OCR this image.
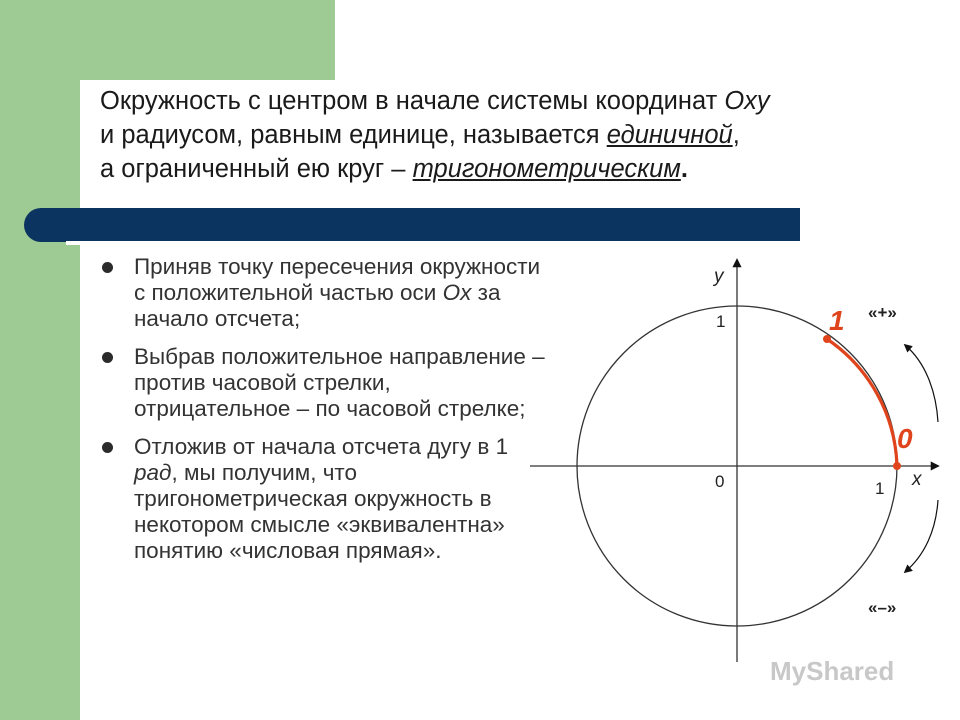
Окружность с центром в начале системы координат Oxy
и радиусом, равным единице, называется единичной,
а ограниченный ею круг – тригонометрическим.
Приняв точку пересечения окружности с положительной частью оси Ox за начало отсчета;
Выбрав положительное направление – против часовой стрелки, отрицательное – по часовой стрелке;
Отложив от начала отсчета дугу в 1 рад, мы получим, что тригонометрическая окружность в некотором смысле «эквивалентна» понятию «числовая прямая».
y
x
0
1
1
1
0
«+»
«–»
MyShared
